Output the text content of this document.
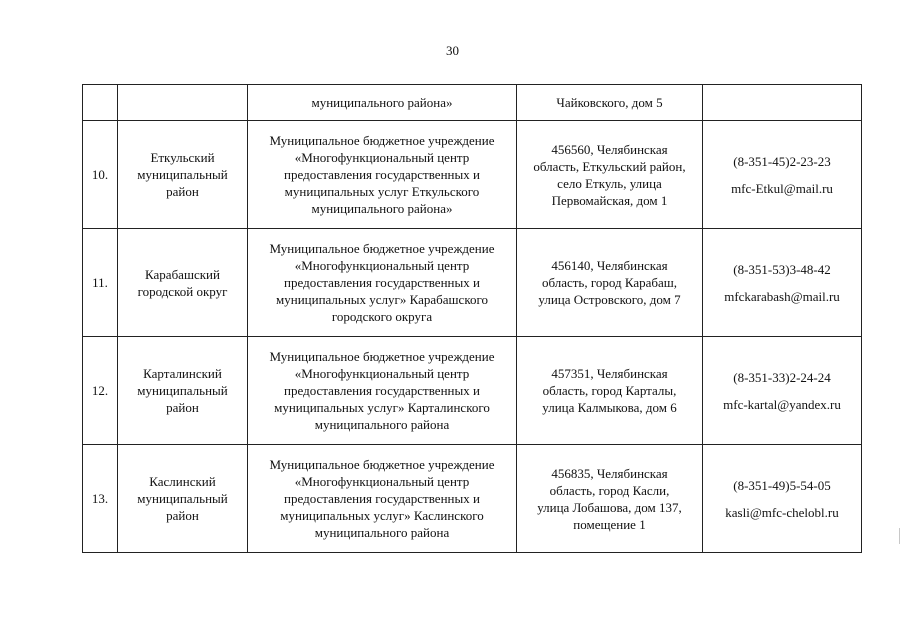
30
		муниципального района»	Чайковского, дом 5	
10.	Еткульский
муниципальный
район	Муниципальное бюджетное учреждение
«Многофункциональный центр
предоставления государственных и
муниципальных услуг Еткульского
муниципального района»	456560, Челябинская
область, Еткульский район,
село Еткуль, улица
Первомайская, дом 1	(8-351-45)2-23-23
mfc-Etkul@mail.ru

11.	Карабашский
городской округ	Муниципальное бюджетное учреждение
«Многофункциональный центр
предоставления государственных и
муниципальных услуг» Карабашского
городского округа	456140, Челябинская
область, город Карабаш,
улица Островского, дом 7	(8-351-53)3-48-42
mfckarabash@mail.ru

12.	Карталинский
муниципальный
район	Муниципальное бюджетное учреждение
«Многофункциональный центр
предоставления государственных и
муниципальных услуг» Карталинского
муниципального района	457351, Челябинская
область, город Карталы,
улица Калмыкова, дом 6	(8-351-33)2-24-24
mfc-kartal@yandex.ru

13.	Каслинский
муниципальный
район	Муниципальное бюджетное учреждение
«Многофункциональный центр
предоставления государственных и
муниципальных услуг» Каслинского
муниципального района	456835, Челябинская
область, город Касли,
улица Лобашова, дом 137,
помещение 1	(8-351-49)5-54-05
kasli@mfc-chelobl.ru
